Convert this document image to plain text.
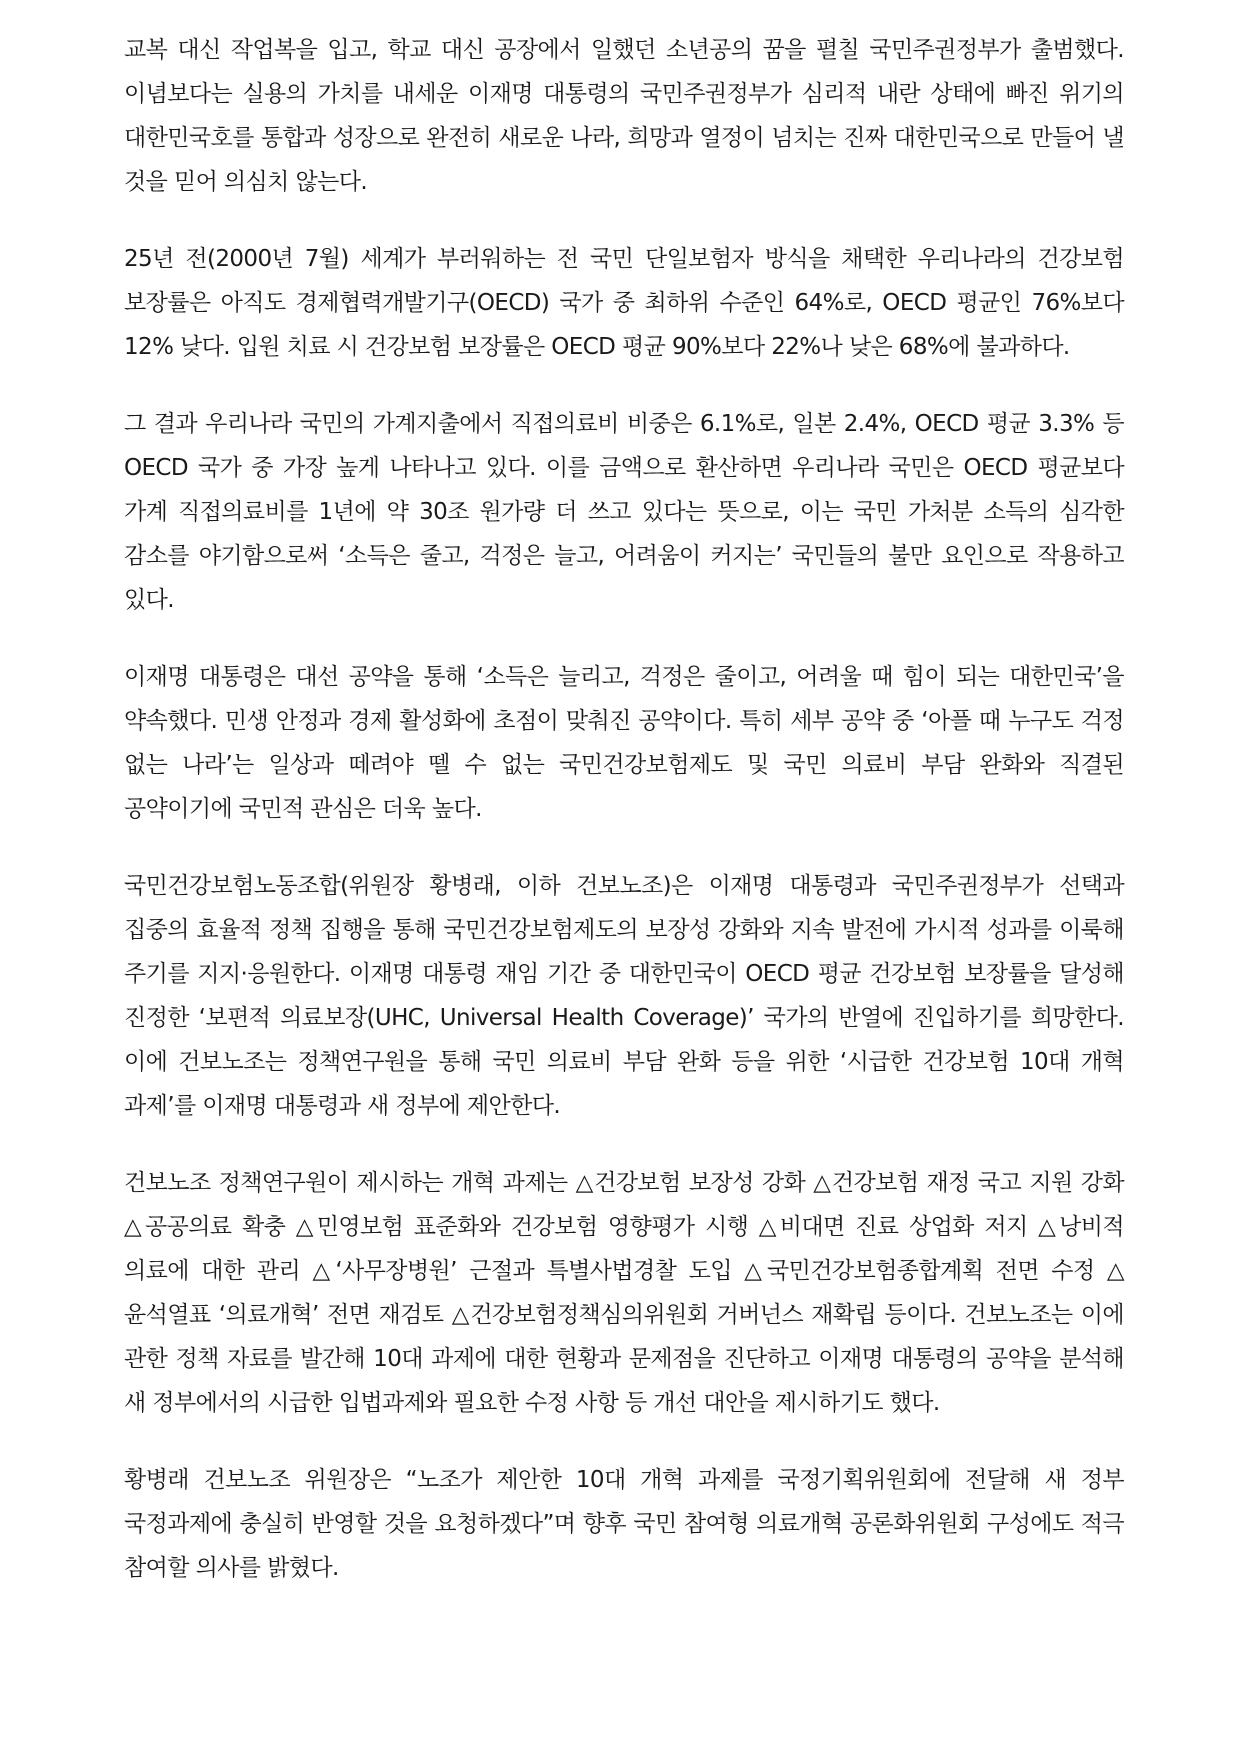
교복 대신 작업복을 입고, 학교 대신 공장에서 일했던 소년공의 꿈을 펼칠 국민주권정부가 출범했다. 이념보다는 실용의 가치를 내세운 이재명 대통령의 국민주권정부가 심리적 내란 상태에 빠진 위기의 대한민국호를 통합과 성장으로 완전히 새로운 나라, 희망과 열정이 넘치는 진짜 대한민국으로 만들어 낼 것을 믿어 의심치 않는다.

25년 전(2000년 7월) 세계가 부러워하는 전 국민 단일보험자 방식을 채택한 우리나라의 건강보험 보장률은 아직도 경제협력개발기구(OECD) 국가 중 최하위 수준인 64%로, OECD 평균인 76%보다 12% 낮다. 입원 치료 시 건강보험 보장률은 OECD 평균 90%보다 22%나 낮은 68%에 불과하다.

그 결과 우리나라 국민의 가계지출에서 직접의료비 비중은 6.1%로, 일본 2.4%, OECD 평균 3.3% 등 OECD 국가 중 가장 높게 나타나고 있다. 이를 금액으로 환산하면 우리나라 국민은 OECD 평균보다 가계 직접의료비를 1년에 약 30조 원가량 더 쓰고 있다는 뜻으로, 이는 국민 가처분 소득의 심각한 감소를 야기함으로써 ‘소득은 줄고, 걱정은 늘고, 어려움이 커지는’ 국민들의 불만 요인으로 작용하고 있다.

이재명 대통령은 대선 공약을 통해 ‘소득은 늘리고, 걱정은 줄이고, 어려울 때 힘이 되는 대한민국’을 약속했다. 민생 안정과 경제 활성화에 초점이 맞춰진 공약이다. 특히 세부 공약 중 ‘아플 때 누구도 걱정 없는 나라’는 일상과 떼려야 뗄 수 없는 국민건강보험제도 및 국민 의료비 부담 완화와 직결된 공약이기에 국민적 관심은 더욱 높다.

국민건강보험노동조합(위원장 황병래, 이하 건보노조)은 이재명 대통령과 국민주권정부가 선택과 집중의 효율적 정책 집행을 통해 국민건강보험제도의 보장성 강화와 지속 발전에 가시적 성과를 이룩해 주기를 지지·응원한다. 이재명 대통령 재임 기간 중 대한민국이 OECD 평균 건강보험 보장률을 달성해 진정한 ‘보편적 의료보장(UHC, Universal Health Coverage)’ 국가의 반열에 진입하기를 희망한다. 이에 건보노조는 정책연구원을 통해 국민 의료비 부담 완화 등을 위한 ‘시급한 건강보험 10대 개혁 과제’를 이재명 대통령과 새 정부에 제안한다.

건보노조 정책연구원이 제시하는 개혁 과제는 △건강보험 보장성 강화 △건강보험 재정 국고 지원 강화 △공공의료 확충 △민영보험 표준화와 건강보험 영향평가 시행 △비대면 진료 상업화 저지 △낭비적 의료에 대한 관리 △‘사무장병원’ 근절과 특별사법경찰 도입 △국민건강보험종합계획 전면 수정 △윤석열표 ‘의료개혁’ 전면 재검토 △건강보험정책심의위원회 거버넌스 재확립 등이다. 건보노조는 이에 관한 정책 자료를 발간해 10대 과제에 대한 현황과 문제점을 진단하고 이재명 대통령의 공약을 분석해 새 정부에서의 시급한 입법과제와 필요한 수정 사항 등 개선 대안을 제시하기도 했다.

황병래 건보노조 위원장은 “노조가 제안한 10대 개혁 과제를 국정기획위원회에 전달해 새 정부 국정과제에 충실히 반영할 것을 요청하겠다”며 향후 국민 참여형 의료개혁 공론화위원회 구성에도 적극 참여할 의사를 밝혔다.
